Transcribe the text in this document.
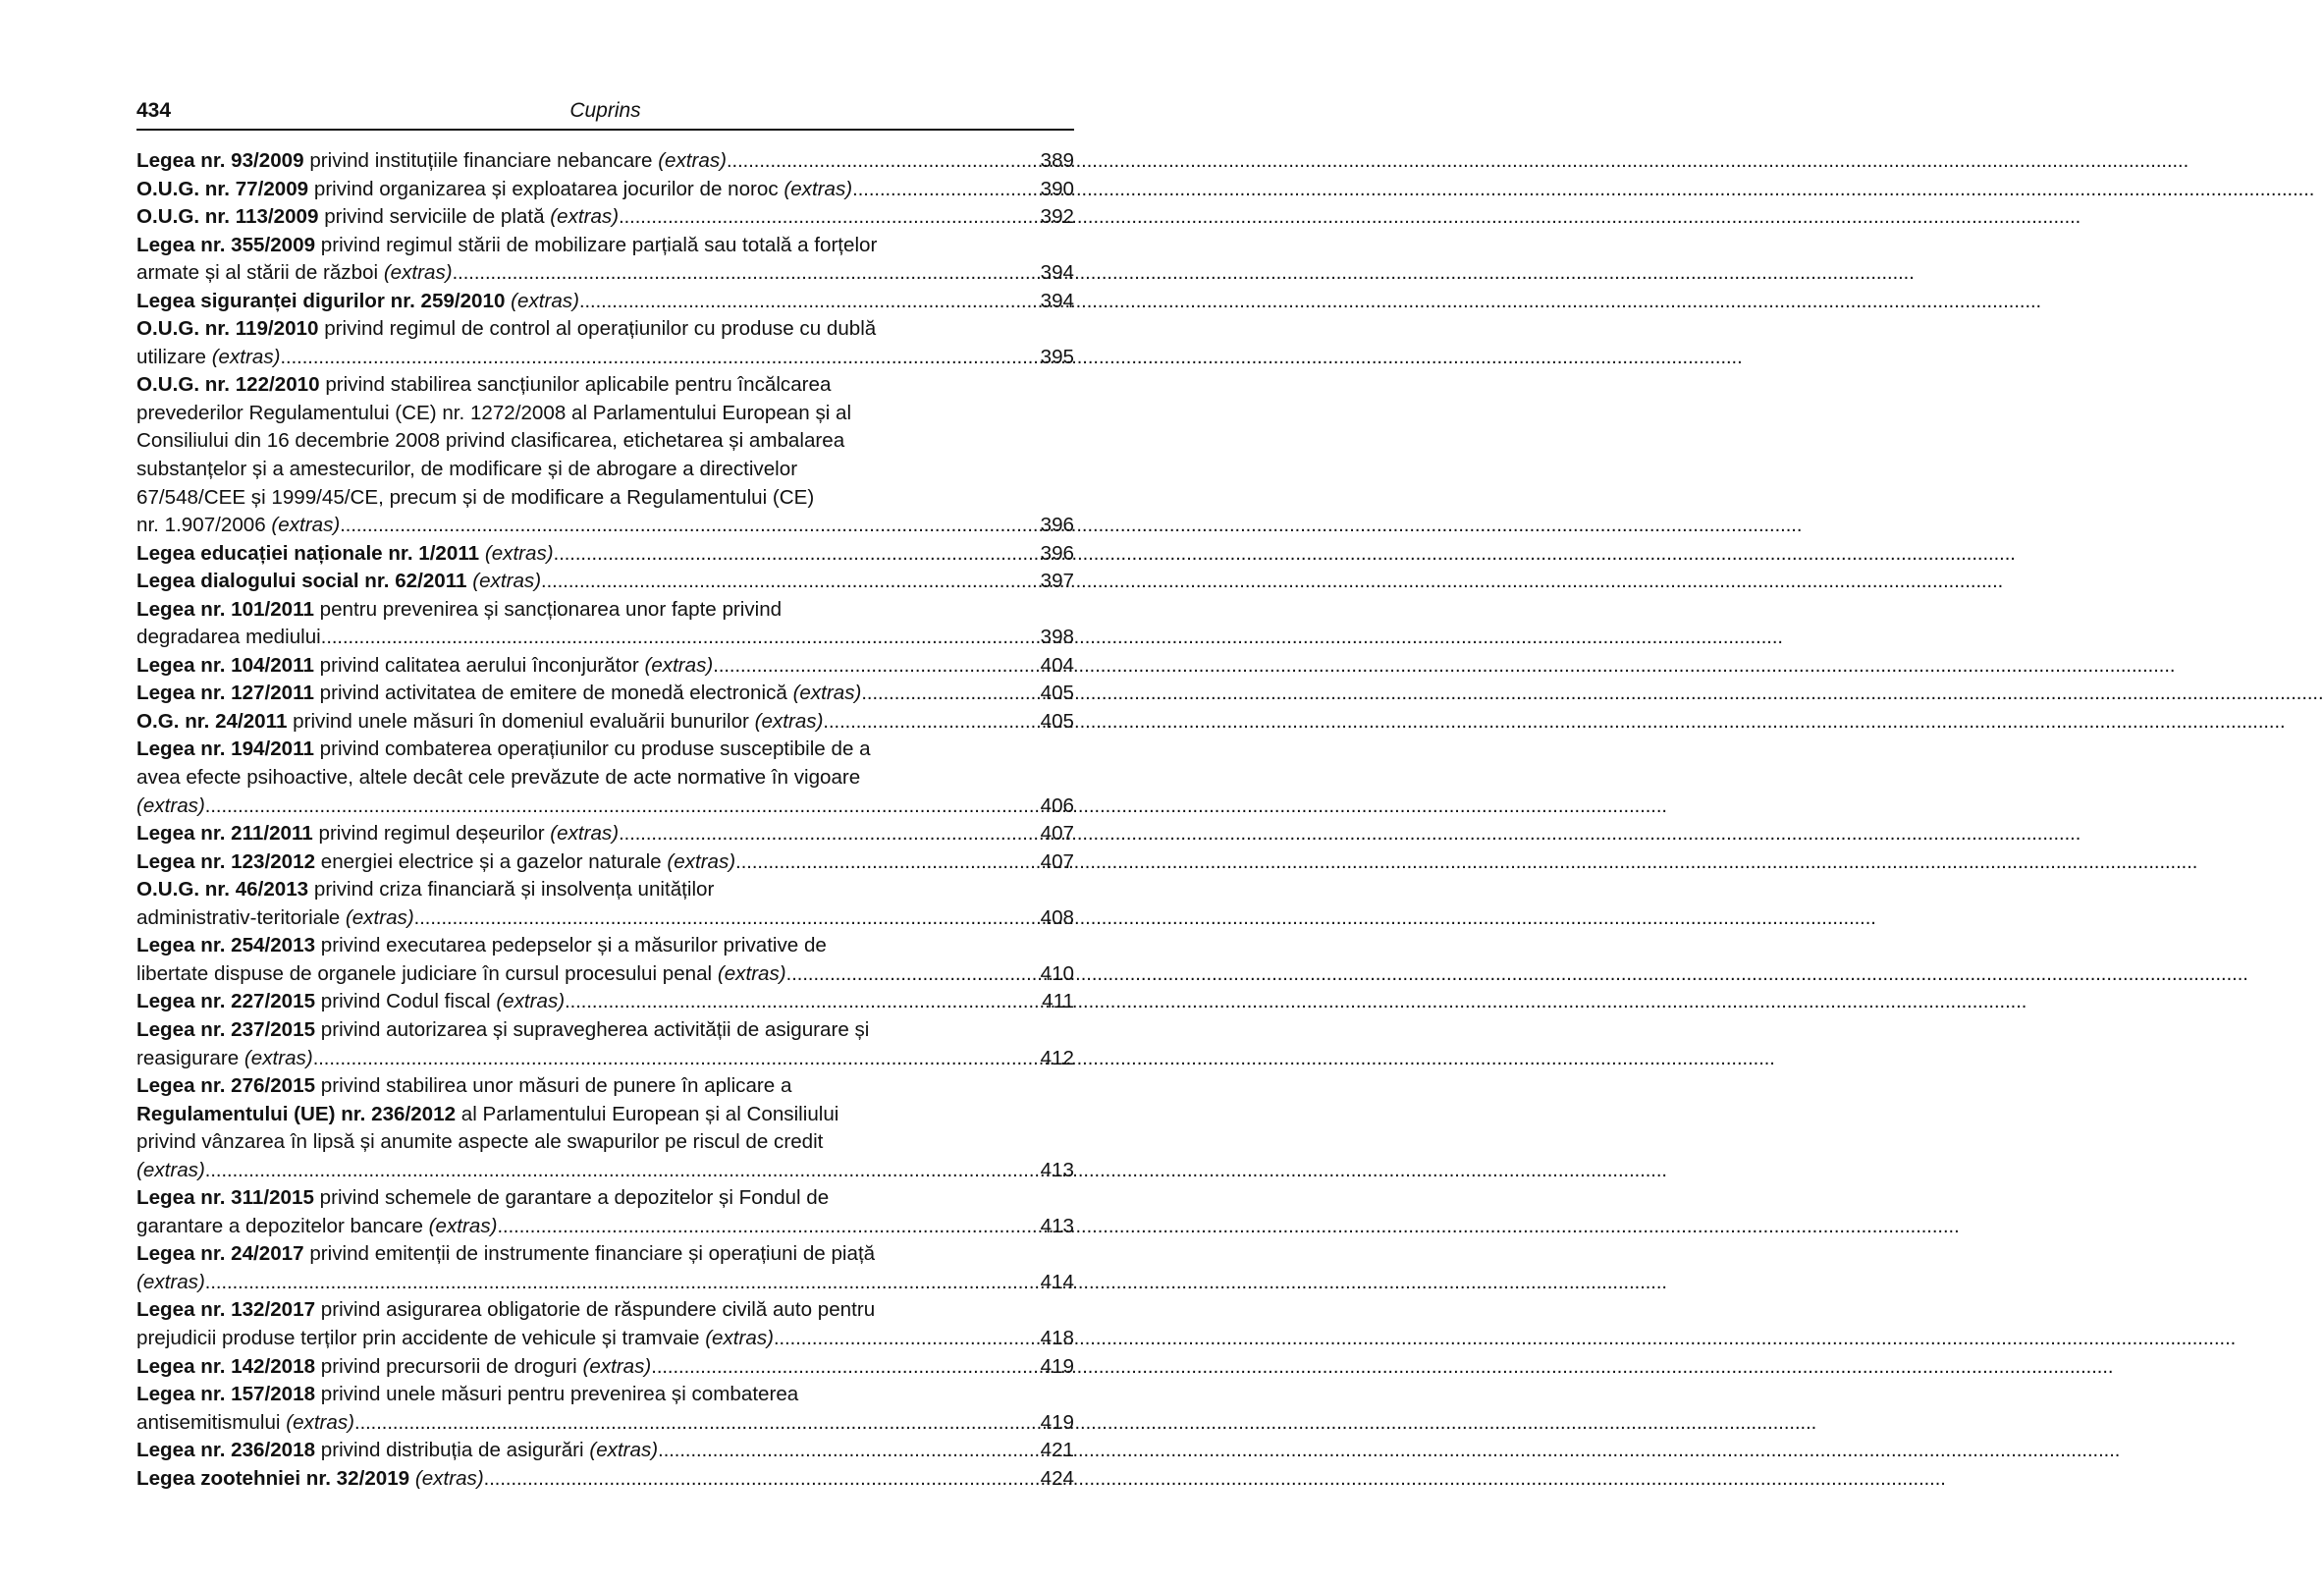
434	Cuprins
Legea nr. 93/2009 privind instituțiile financiare nebancare (extras) .....	389
O.U.G. nr. 77/2009 privind organizarea și exploatarea jocurilor de noroc (extras) .....	390
O.U.G. nr. 113/2009 privind serviciile de plată (extras) .....	392
Legea nr. 355/2009 privind regimul stării de mobilizare parțială sau totală a forțelor
armate și al stării de război (extras) .....	394
Legea siguranței digurilor nr. 259/2010 (extras) .....	394
O.U.G. nr. 119/2010 privind regimul de control al operațiunilor cu produse cu dublă
utilizare (extras) .....	395
O.U.G. nr. 122/2010 privind stabilirea sancțiunilor aplicabile pentru încălcarea
prevederilor Regulamentului (CE) nr. 1272/2008 al Parlamentului European și al
Consiliului din 16 decembrie 2008 privind clasificarea, etichetarea și ambalarea
substanțelor și a amestecurilor, de modificare și de abrogare a directivelor
67/548/CEE și 1999/45/CE, precum și de modificare a Regulamentului (CE)
nr. 1.907/2006 (extras) .....	396
Legea educației naționale nr. 1/2011 (extras) .....	396
Legea dialogului social nr. 62/2011 (extras) .....	397
Legea nr. 101/2011 pentru prevenirea și sancționarea unor fapte privind
degradarea mediului .....	398
Legea nr. 104/2011 privind calitatea aerului înconjurător (extras) .....	404
Legea nr. 127/2011 privind activitatea de emitere de monedă electronică (extras) .....	405
O.G. nr. 24/2011 privind unele măsuri în domeniul evaluării bunurilor (extras) .....	405
Legea nr. 194/2011 privind combaterea operațiunilor cu produse susceptibile de a
avea efecte psihoactive, altele decât cele prevăzute de acte normative în vigoare
(extras) .....	406
Legea nr. 211/2011 privind regimul deșeurilor (extras) .....	407
Legea nr. 123/2012 energiei electrice și a gazelor naturale (extras) .....	407
O.U.G. nr. 46/2013 privind criza financiară și insolvența unităților
administrativ-teritoriale (extras) .....	408
Legea nr. 254/2013 privind executarea pedepselor și a măsurilor privative de
libertate dispuse de organele judiciare în cursul procesului penal (extras) .....	410
Legea nr. 227/2015 privind Codul fiscal (extras) .....	411
Legea nr. 237/2015 privind autorizarea și supravegherea activității de asigurare și
reasigurare (extras) .....	412
Legea nr. 276/2015 privind stabilirea unor măsuri de punere în aplicare a
Regulamentului (UE) nr. 236/2012 al Parlamentului European și al Consiliului
privind vânzarea în lipsă și anumite aspecte ale swapurilor pe riscul de credit
(extras) .....	413
Legea nr. 311/2015 privind schemele de garantare a depozitelor și Fondul de
garantare a depozitelor bancare (extras) .....	413
Legea nr. 24/2017 privind emitenții de instrumente financiare și operațiuni de piață
(extras) .....	414
Legea nr. 132/2017 privind asigurarea obligatorie de răspundere civilă auto pentru
prejudicii produse terților prin accidente de vehicule și tramvaie (extras) .....	418
Legea nr. 142/2018 privind precursorii de droguri (extras) .....	419
Legea nr. 157/2018 privind unele măsuri pentru prevenirea și combaterea
antisemitismului (extras) .....	419
Legea nr. 236/2018 privind distribuția de asigurări (extras) .....	421
Legea zootehniei nr. 32/2019 (extras) .....	424
